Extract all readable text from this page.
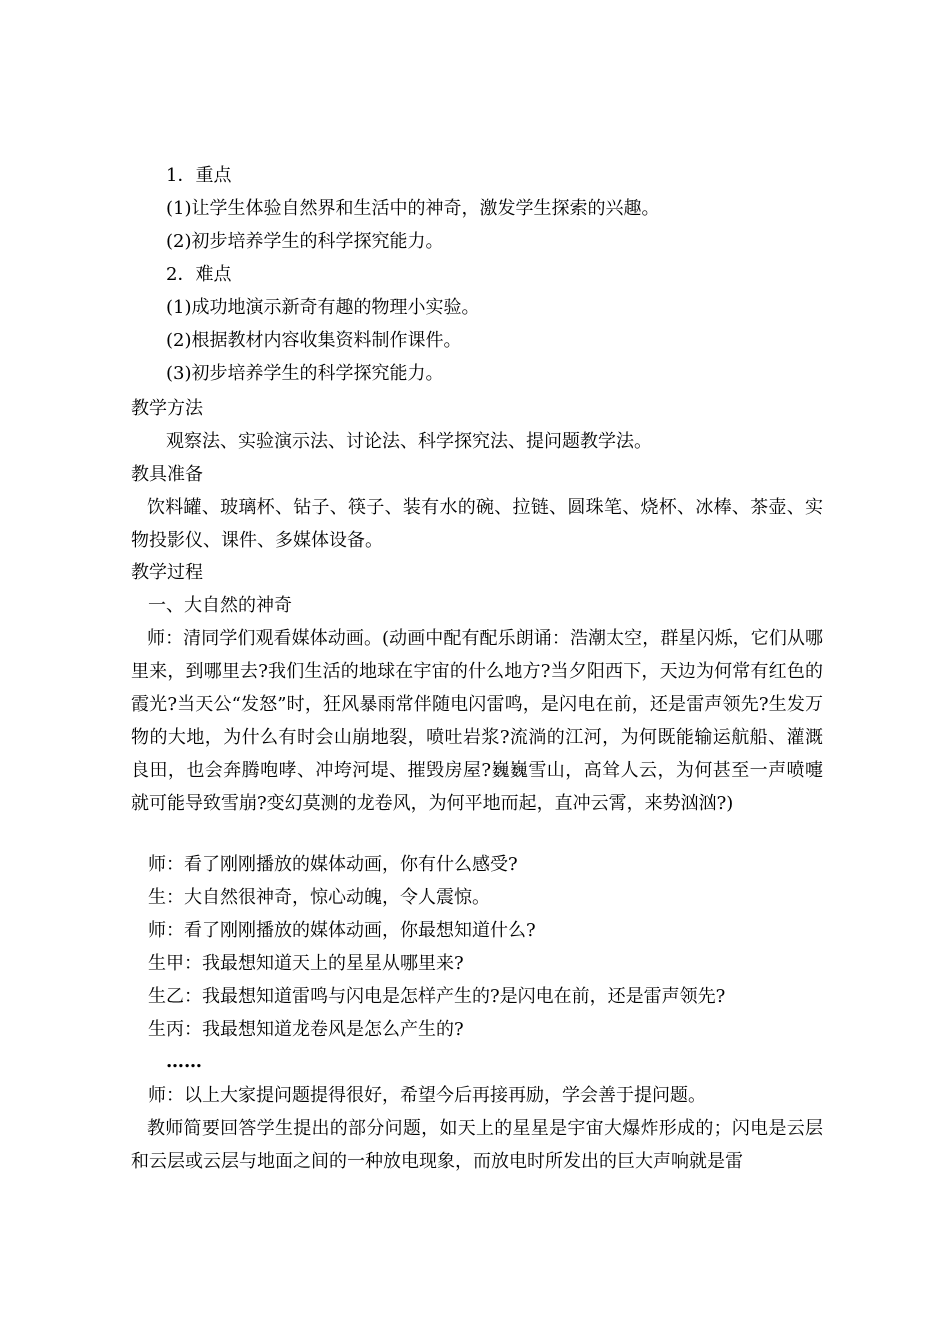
1．重点
(1)让学生体验自然界和生活中的神奇，激发学生探索的兴趣。
(2)初步培养学生的科学探究能力。
2．难点
(1)成功地演示新奇有趣的物理小实验。
(2)根据教材内容收集资料制作课件。
(3)初步培养学生的科学探究能力。
教学方法
观察法、实验演示法、讨论法、科学探究法、提问题教学法。
教具准备
饮料罐、玻璃杯、钻子、筷子、装有水的碗、拉链、圆珠笔、烧杯、冰棒、茶壶、实物投影仪、课件、多媒体设备。
教学过程
一、大自然的神奇
师：清同学们观看媒体动画。(动画中配有配乐朗诵：浩潮太空，群星闪烁，它们从哪里来，到哪里去?我们生活的地球在宇宙的什么地方?当夕阳西下，天边为何常有红色的霞光?当天公“发怒”时，狂风暴雨常伴随电闪雷鸣，是闪电在前，还是雷声领先?生发万物的大地，为什么有时会山崩地裂，喷吐岩浆?流淌的江河，为何既能输运航船、灌溉良田，也会奔腾咆哮、冲垮河堤、摧毁房屋?巍巍雪山，高耸人云，为何甚至一声喷嚏就可能导致雪崩?变幻莫测的龙卷风，为何平地而起，直冲云霄，来势汹汹?)
师：看了刚刚播放的媒体动画，你有什么感受?
生：大自然很神奇，惊心动魄，令人震惊。
师：看了刚刚播放的媒体动画，你最想知道什么?
生甲：我最想知道天上的星星从哪里来?
生乙：我最想知道雷鸣与闪电是怎样产生的?是闪电在前，还是雷声领先?
生丙：我最想知道龙卷风是怎么产生的?
……
师：以上大家提问题提得很好，希望今后再接再励，学会善于提问题。
教师简要回答学生提出的部分问题，如天上的星星是宇宙大爆炸形成的；闪电是云层和云层或云层与地面之间的一种放电现象，而放电时所发出的巨大声响就是雷
